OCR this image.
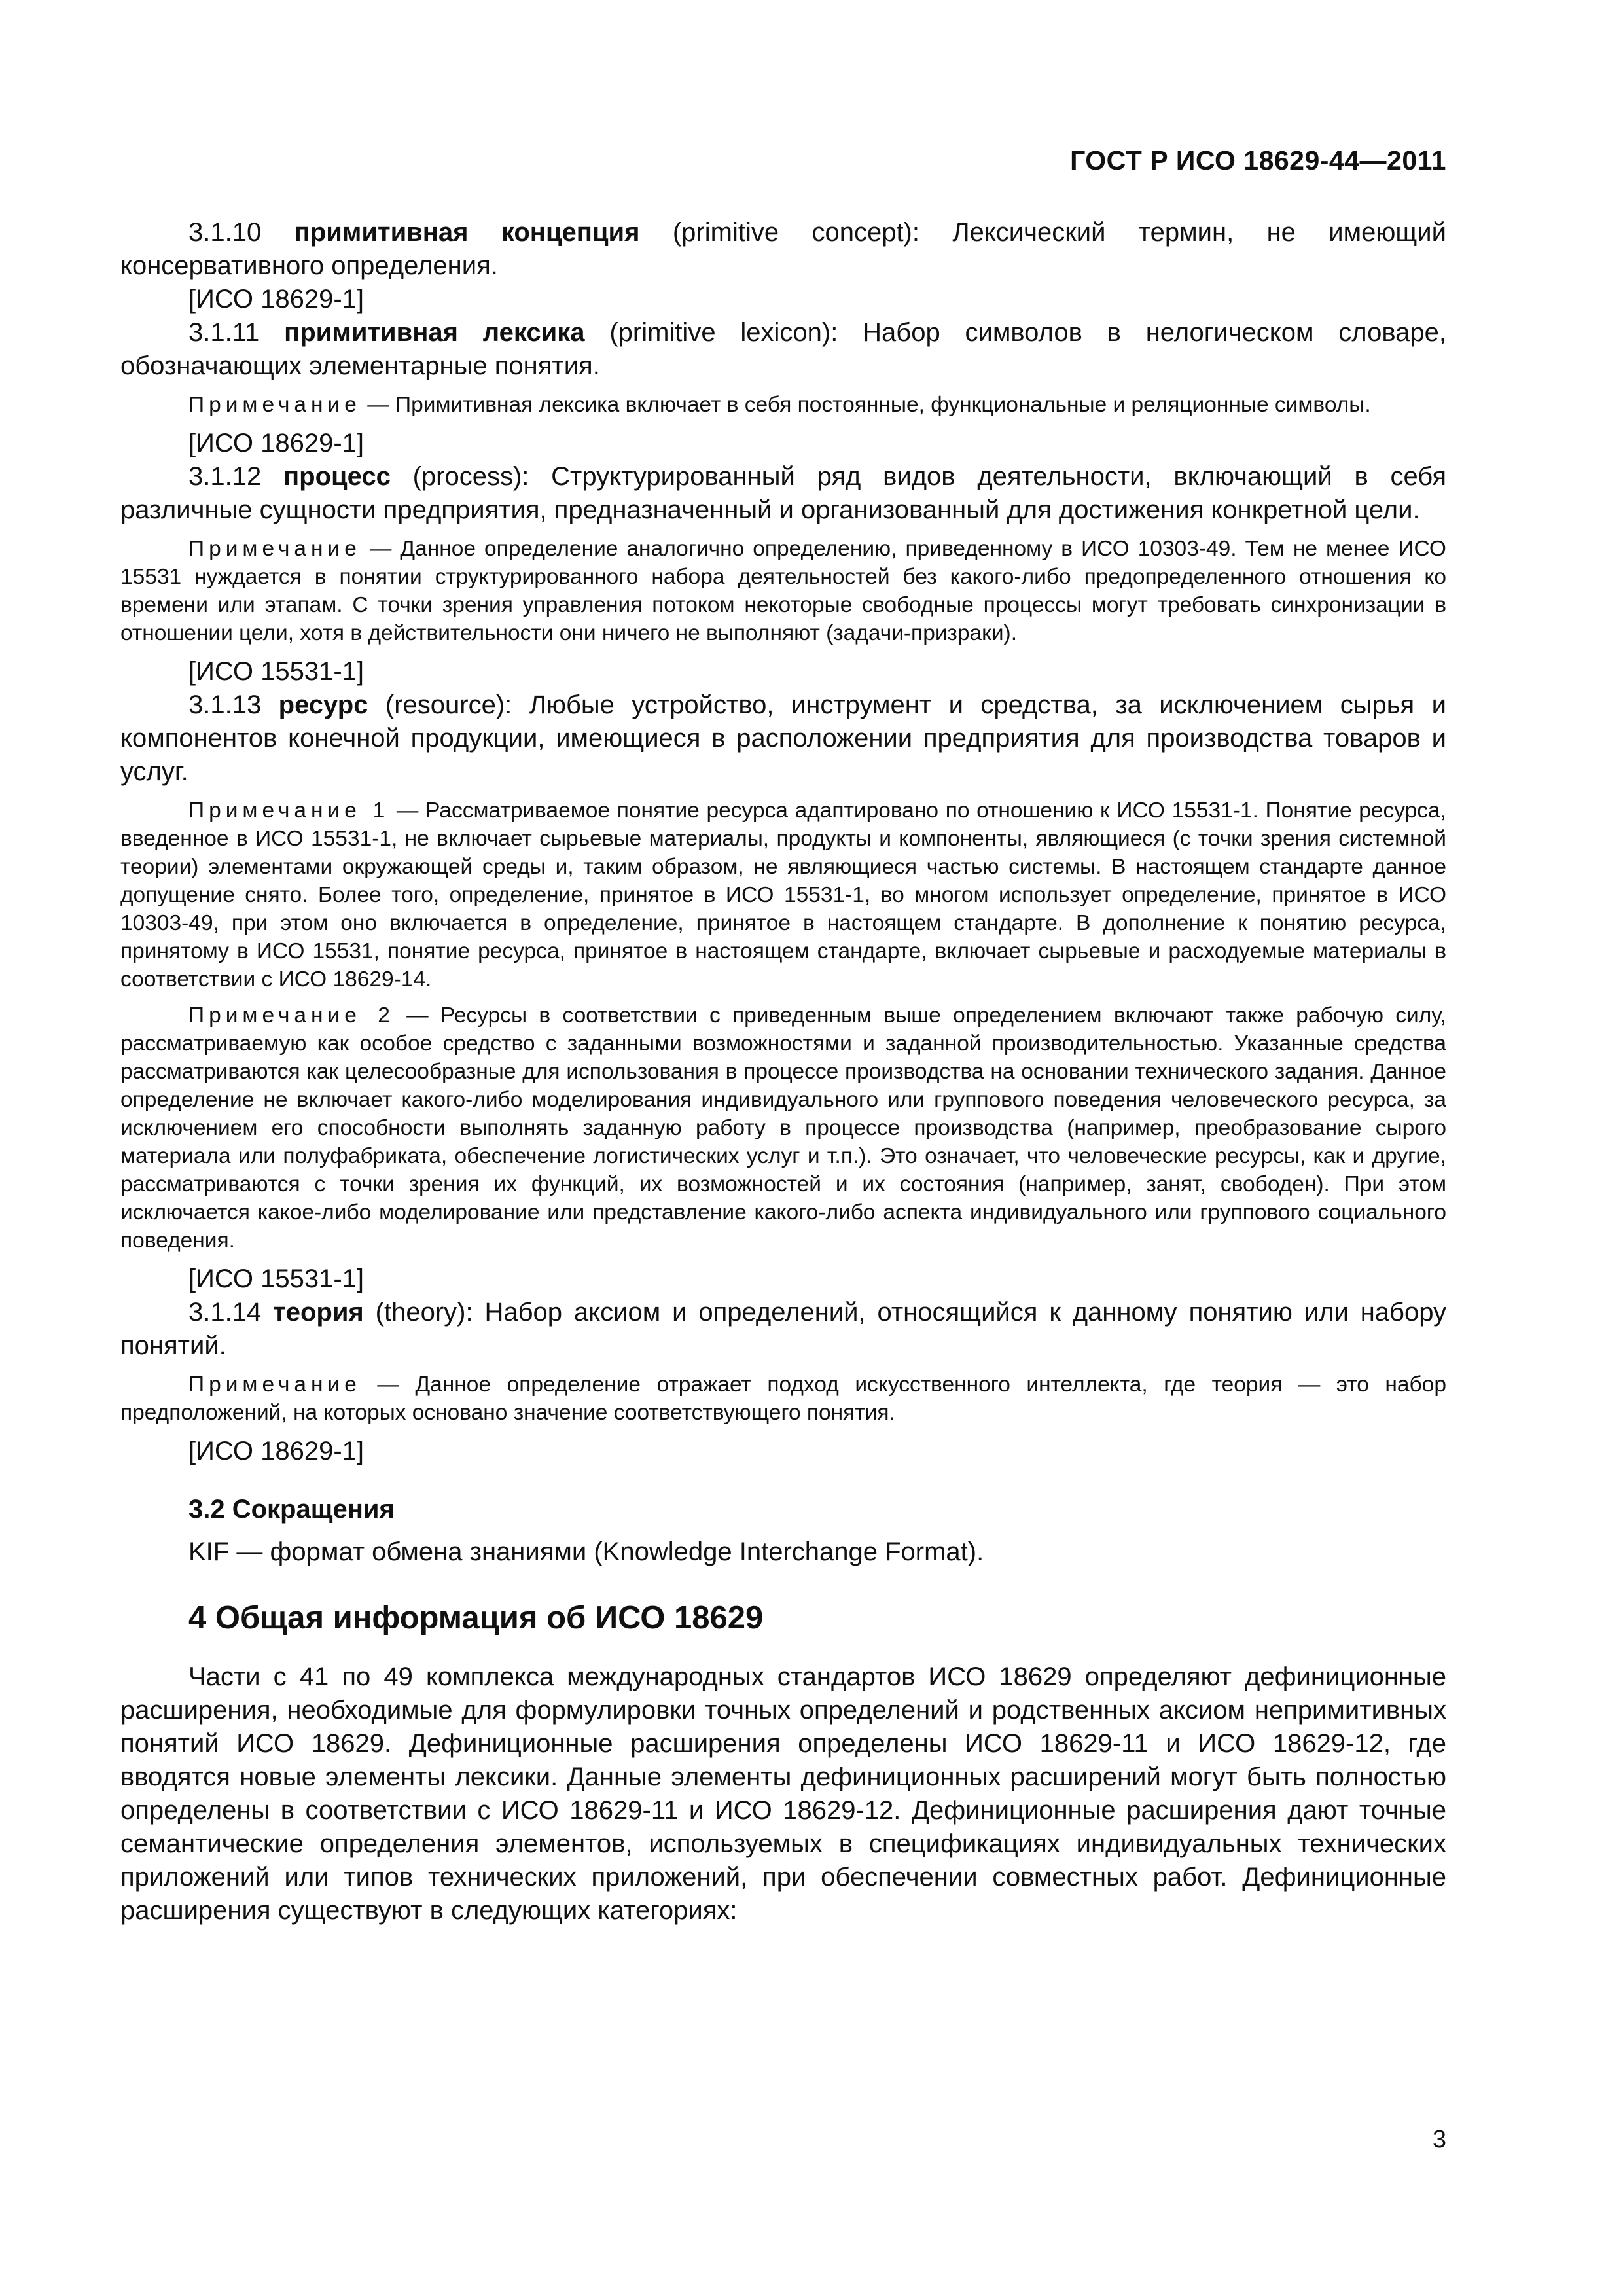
ГОСТ Р ИСО 18629-44—2011

3.1.10 примитивная концепция (primitive concept): Лексический термин, не имеющий консервативного определения.

[ИСО 18629-1]

3.1.11 примитивная лексика (primitive lexicon): Набор символов в нелогическом словаре, обозначающих элементарные понятия.

Примечание — Примитивная лексика включает в себя постоянные, функциональные и реляционные символы.

[ИСО 18629-1]

3.1.12 процесс (process): Структурированный ряд видов деятельности, включающий в себя различные сущности предприятия, предназначенный и организованный для достижения конкретной цели.

Примечание — Данное определение аналогично определению, приведенному в ИСО 10303-49. Тем не менее ИСО 15531 нуждается в понятии структурированного набора деятельностей без какого-либо предопределенного отношения ко времени или этапам. С точки зрения управления потоком некоторые свободные процессы могут требовать синхронизации в отношении цели, хотя в действительности они ничего не выполняют (задачи-призраки).

[ИСО 15531-1]

3.1.13 ресурс (resource): Любые устройство, инструмент и средства, за исключением сырья и компонентов конечной продукции, имеющиеся в расположении предприятия для производства товаров и услуг.

Примечание 1 — Рассматриваемое понятие ресурса адаптировано по отношению к ИСО 15531-1. Понятие ресурса, введенное в ИСО 15531-1, не включает сырьевые материалы, продукты и компоненты, являющиеся (с точки зрения системной теории) элементами окружающей среды и, таким образом, не являющиеся частью системы. В настоящем стандарте данное допущение снято. Более того, определение, принятое в ИСО 15531-1, во многом использует определение, принятое в ИСО 10303-49, при этом оно включается в определение, принятое в настоящем стандарте. В дополнение к понятию ресурса, принятому в ИСО 15531, понятие ресурса, принятое в настоящем стандарте, включает сырьевые и расходуемые материалы в соответствии с ИСО 18629-14.

Примечание 2 — Ресурсы в соответствии с приведенным выше определением включают также рабочую силу, рассматриваемую как особое средство с заданными возможностями и заданной производительностью. Указанные средства рассматриваются как целесообразные для использования в процессе производства на основании технического задания. Данное определение не включает какого-либо моделирования индивидуального или группового поведения человеческого ресурса, за исключением его способности выполнять заданную работу в процессе производства (например, преобразование сырого материала или полуфабриката, обеспечение логистических услуг и т.п.). Это означает, что человеческие ресурсы, как и другие, рассматриваются с точки зрения их функций, их возможностей и их состояния (например, занят, свободен). При этом исключается какое-либо моделирование или представление какого-либо аспекта индивидуального или группового социального поведения.

[ИСО 15531-1]

3.1.14 теория (theory): Набор аксиом и определений, относящийся к данному понятию или набору понятий.

Примечание — Данное определение отражает подход искусственного интеллекта, где теория — это набор предположений, на которых основано значение соответствующего понятия.

[ИСО 18629-1]

3.2 Сокращения

KIF — формат обмена знаниями (Knowledge Interchange Format).

4 Общая информация об ИСО 18629

Части с 41 по 49 комплекса международных стандартов ИСО 18629 определяют дефиниционные расширения, необходимые для формулировки точных определений и родственных аксиом непримитивных понятий ИСО 18629. Дефиниционные расширения определены ИСО 18629-11 и ИСО 18629-12, где вводятся новые элементы лексики. Данные элементы дефиниционных расширений могут быть полностью определены в соответствии с ИСО 18629-11 и ИСО 18629-12. Дефиниционные расширения дают точные семантические определения элементов, используемых в спецификациях индивидуальных технических приложений или типов технических приложений, при обеспечении совместных работ. Дефиниционные расширения существуют в следующих категориях:

3
